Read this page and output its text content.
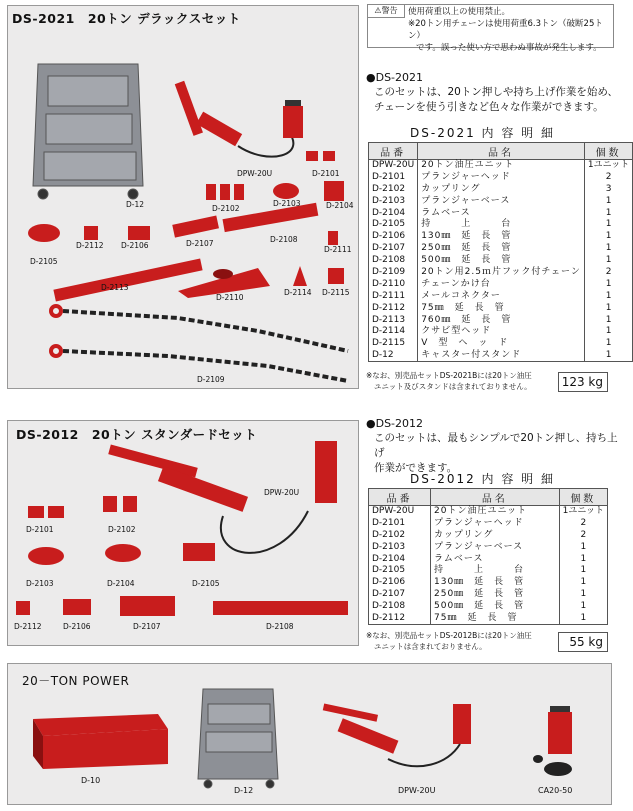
⚠警告	使用荷重以上の使用禁止。
※20トン用チェーンは使用荷重6.3トン（破断25トン）
です。誤った使い方で思わぬ事故が発生します。
DS-2021　20トン デラックスセット
D-12
DPW-20U	D-2101
D-2102
D-2103	D-2104
D-2112 D-2106	D-2107	D-2108
D-2111
D-2105
D-2113
D-2110
D-2114 D-2115
D-2109
●DS-2021
このセットは、20トン押しや持ち上げ作業を始め、
チェーンを使う引きなど色々な作業ができます。
DS-2021 内 容 明 細
品番	品名	個数
DPW-20U	20トン油圧ユニット	1ユニット
D-2101	プランジャーヘッド	2
D-2102	カップリング	3
D-2103	プランジャーベース	1
D-2104	ラムベース	1
D-2105	持　　　上　　　台	1
D-2106	130㎜　延　長　管	1
D-2107	250㎜　延　長　管	1
D-2108	500㎜　延　長　管	1
D-2109	20トン用2.5ｍ片フック付チェーン	2
D-2110	チェーンかけ台	1
D-2111	メールコネクター	1
D-2112	75㎜　延　長　管	1
D-2113	760㎜　延　長　管	1
D-2114	クサビ型ヘッド	1
D-2115	V　型　ヘ　ッ　ド	1
D-12	キャスター付スタンド	1
※なお、別売品セットDS-2021Bには20トン油圧
ユニット及びスタンドは含まれておりません。	123 kg
DS-2012　20トン スタンダードセット
DPW-20U
D-2101	D-2102
D-2103	D-2104	D-2105
D-2112	D-2106	D-2107	D-2108
●DS-2012
このセットは、最もシンプルで20トン押し、持ち上げ
作業ができます。
DS-2012 内 容 明 細
品番	品名	個数
DPW-20U	20トン油圧ユニット	1ユニット
D-2101	プランジャーヘッド	2
D-2102	カップリング	2
D-2103	プランジャーベース	1
D-2104	ラムベース	1
D-2105	持　　　上　　　台	1
D-2106	130㎜　延　長　管	1
D-2107	250㎜　延　長　管	1
D-2108	500㎜　延　長　管	1
D-2112	75㎜　延　長　管	1
※なお、別売品セットDS-2012Bには20トン油圧
ユニットは含まれておりません。	55 kg
20－TON POWER
D-10
D-12	DPW-20U	CA20-50
